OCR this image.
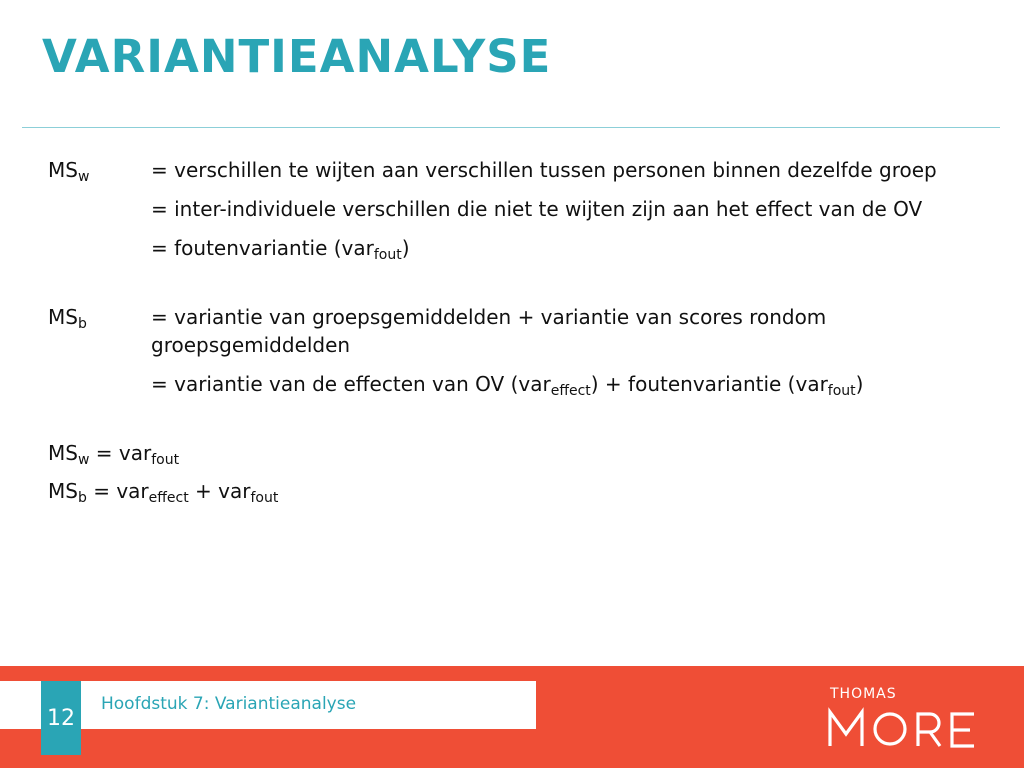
VARIANTIEANALYSE
$MS_w$	= verschillen te wijten aan verschillen tussen personen binnen dezelfde groep

= inter-individuele verschillen die niet te wijten zijn aan het effect van de OV

= foutenvariantie (var$_{fout}$)

$MS_b$	= variantie van groepsgemiddelden + variantie van scores rondom groepsgemiddelden

= variantie van de effecten van OV (var$_{effect}$) + foutenvariantie (var$_{fout}$)

$MS_w = var_{fout}$

$MS_b = var_{effect} + var_{fout}$

12
Hoofdstuk 7: Variantieanalyse	THOMAS
